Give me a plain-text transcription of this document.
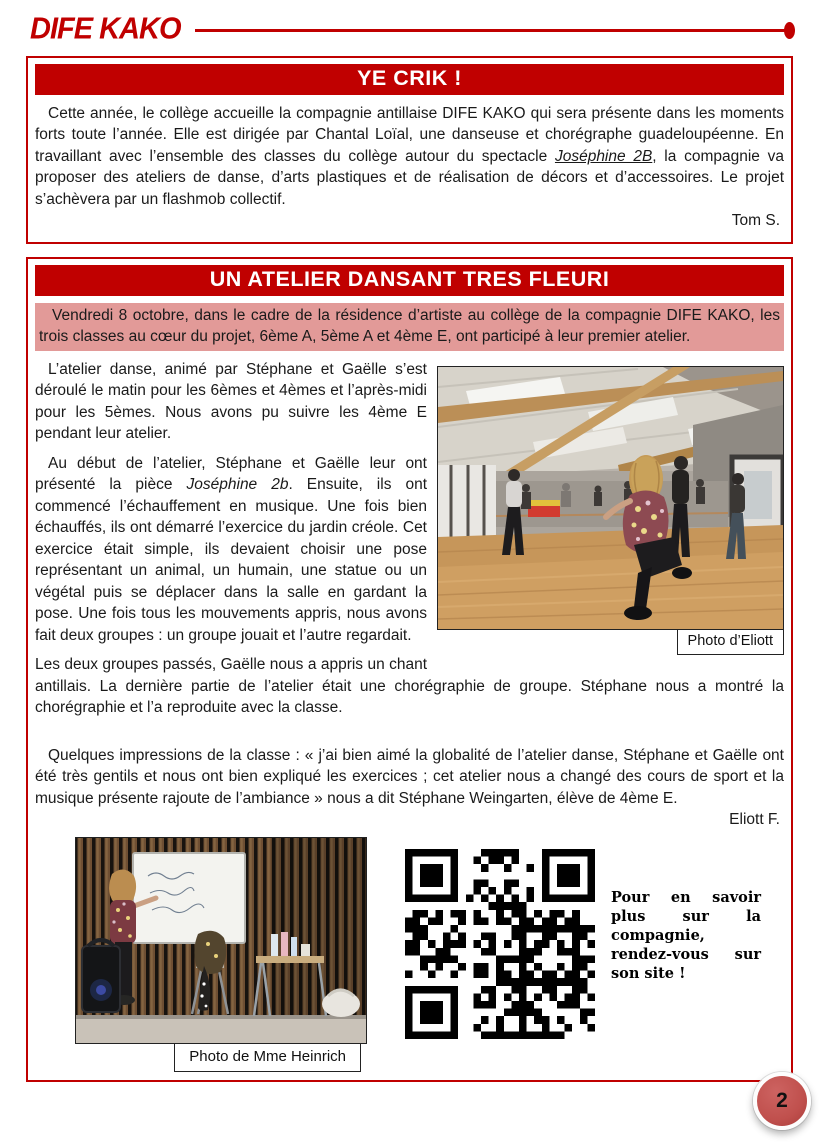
DIFE KAKO
YE CRIK !

Cette année, le collège accueille la compagnie antillaise DIFE KAKO qui sera présente dans les moments forts toute l’année. Elle est dirigée par Chantal Loïal, une danseuse et chorégraphe guadeloupéenne. En travaillant avec l’ensemble des classes du collège autour du spectacle Joséphine 2B, la compagnie va proposer des ateliers de danse, d’arts plastiques et de réalisation de décors et d’accessoires. Le projet s’achèvera par un flashmob collectif.

Tom S.
UN ATELIER DANSANT TRES FLEURI
Vendredi 8 octobre, dans le cadre de la résidence d’artiste au collège de la compagnie DIFE KAKO, les trois classes au cœur du projet, 6ème A, 5ème A et 4ème E, ont participé à leur premier atelier.
Photo d’Eliott

L’atelier danse, animé par Stéphane et Gaëlle s’est déroulé le matin pour les 6èmes et 4èmes et l’après-midi pour les 5èmes. Nous avons pu suivre les 4ème E pendant leur atelier.

Au début de l’atelier, Stéphane et Gaëlle leur ont présenté la pièce Joséphine 2b. Ensuite, ils ont commencé l’échauffement en musique. Une fois bien échauffés, ils ont démarré l’exercice du jardin créole. Cet exercice était simple, ils devaient choisir une pose représentant un animal, un humain, une statue ou un végétal puis se déplacer dans la salle en gardant la pose. Une fois tous les mouvements appris, nous avons fait deux groupes : un groupe jouait et l’autre regardait.

Les deux groupes passés, Gaëlle nous a appris un chant antillais. La dernière partie de l’atelier était une chorégraphie de groupe. Stéphane nous a montré la chorégraphie et l’a reproduite avec la classe.

Quelques impressions de la classe : « j’ai bien aimé la globalité de l’atelier danse, Stéphane et Gaëlle ont été très gentils et nous ont bien expliqué les exercices ; cet atelier nous a changé des cours de sport et la musique présente rajoute de l’ambiance » nous a dit Stéphane Weingarten, élève de 4ème E.

Eliott F.
Photo de Mme Heinrich
Pour en savoir plus sur la compagnie, rendez-vous sur son site !
2
